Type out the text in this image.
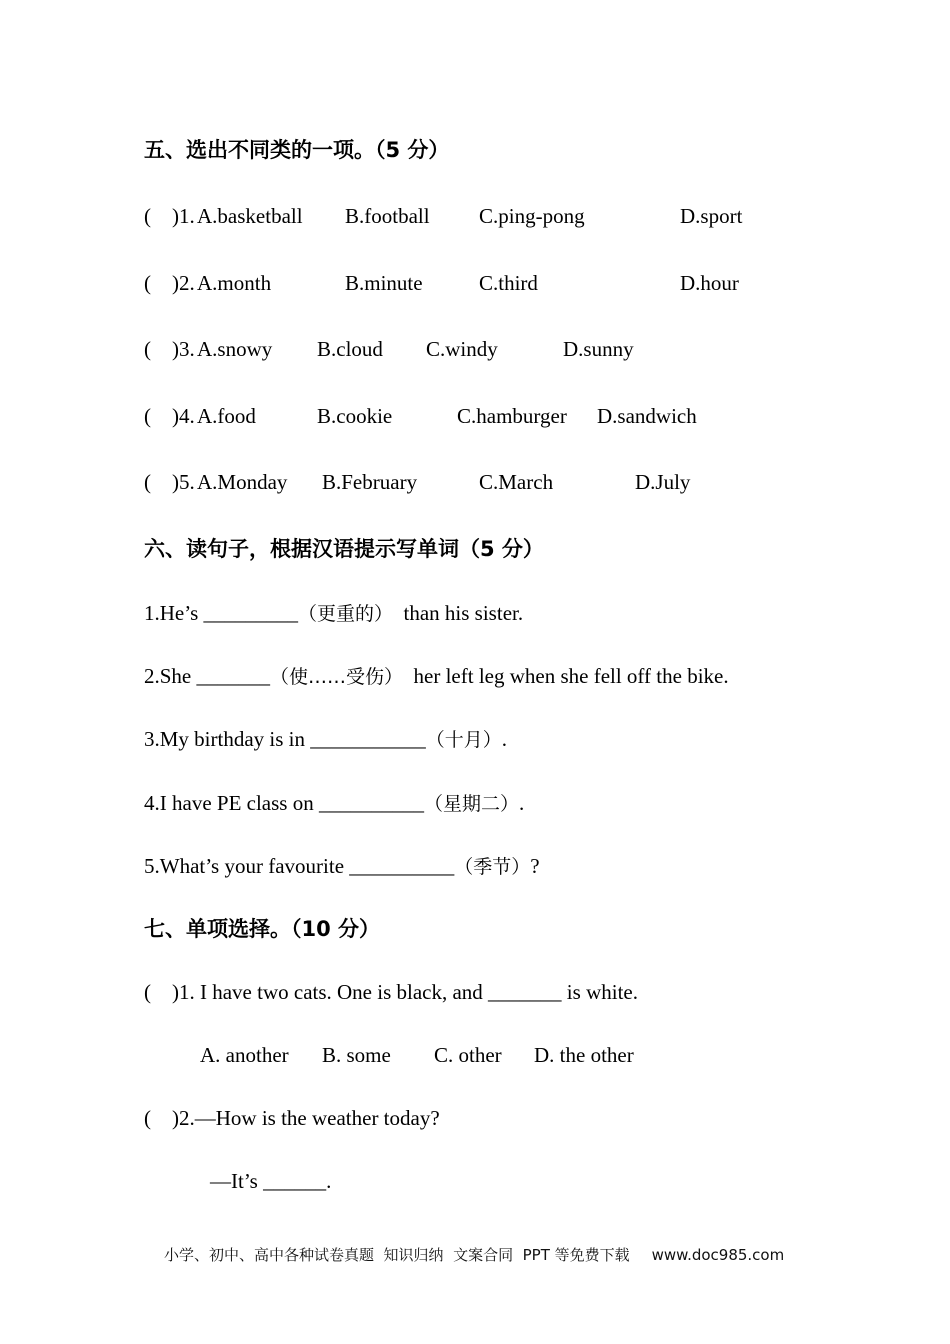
五、选出不同类的一项。（5 分）
(    )1. A.basketball B.football C.ping-pong	D.sport
(    )2. A.month	B.minute	C.third	D.hour
(    )3. A.snowy B.cloud C.windy	D.sunny
(    )4. A.food	B.cookie	C.hamburger D.sandwich
(    )5. A.Monday B.February	C.March	D.July
六、读句子，根据汉语提示写单词（5 分）
1.He’s _________（更重的）  than his sister.
2.She _______（使……受伤）  her left leg when she fell off the bike.
3.My birthday is in ___________（十月）.
4.I have PE class on __________（星期二）.
5.What’s your favourite __________（季节）?
七、单项选择。（10 分）
(    )1. I have two cats. One is black, and _______ is white.
A. another B. some C. other D. the other
(    )2.—How is the weather today?
—It’s ______.
小学、初中、高中各种试卷真题  知识归纳  文案合同  PPT 等免费下载 www.doc985.com
